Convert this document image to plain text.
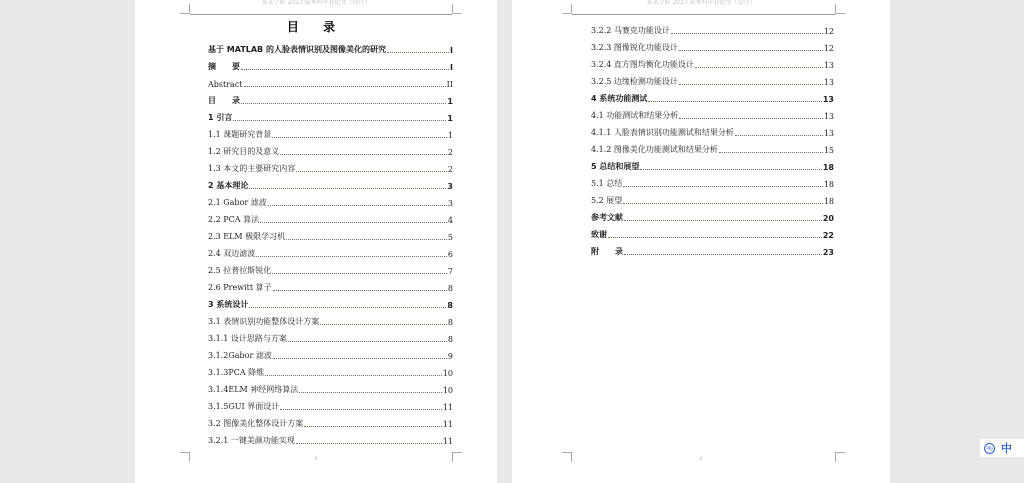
某某学院 2023 届本科毕业论文（设计）
目 录
基于 MATLAB 的人脸表情识别及图像美化的研究	I
摘　　要	I
Abstract	II
目　　录	1
1 引言	1
1.1 课题研究背景	1
1.2 研究目的及意义	2
1.3 本文的主要研究内容	2
2 基本理论	3
2.1 Gabor 滤波	3
2.2 PCA 算法	4
2.3 ELM 极限学习机	5
2.4 双边滤波	6
2.5 拉普拉斯锐化	7
2.6 Prewitt 算子	8
3 系统设计	8
3.1 表情识别功能整体设计方案	8
3.1.1 设计思路与方案	8
3.1.2Gabor 滤波	9
3.1.3PCA 降维	10
3.1.4ELM 神经网络算法	10
3.1.5GUI 界面设计	11
3.2 图像美化整体设计方案	11
3.2.1 一键美颜功能实现	11
1
某某学院 2023 届本科毕业论文（设计）
3.2.2 马赛克功能设计	12
3.2.3 图像锐化功能设计	12
3.2.4 直方图均衡化功能设计	13
3.2.5 边缘检测功能设计	13
4 系统功能测试	13
4.1 功能测试和结果分析	13
4.1.1 人脸表情识别功能测试和结果分析	13
4.1.2 图像美化功能测试和结果分析	15
5 总结和展望	18
5.1 总结	18
5.2 展望	18
参考文献	20
致谢	22
附　　录	23
2
PRJ 中
